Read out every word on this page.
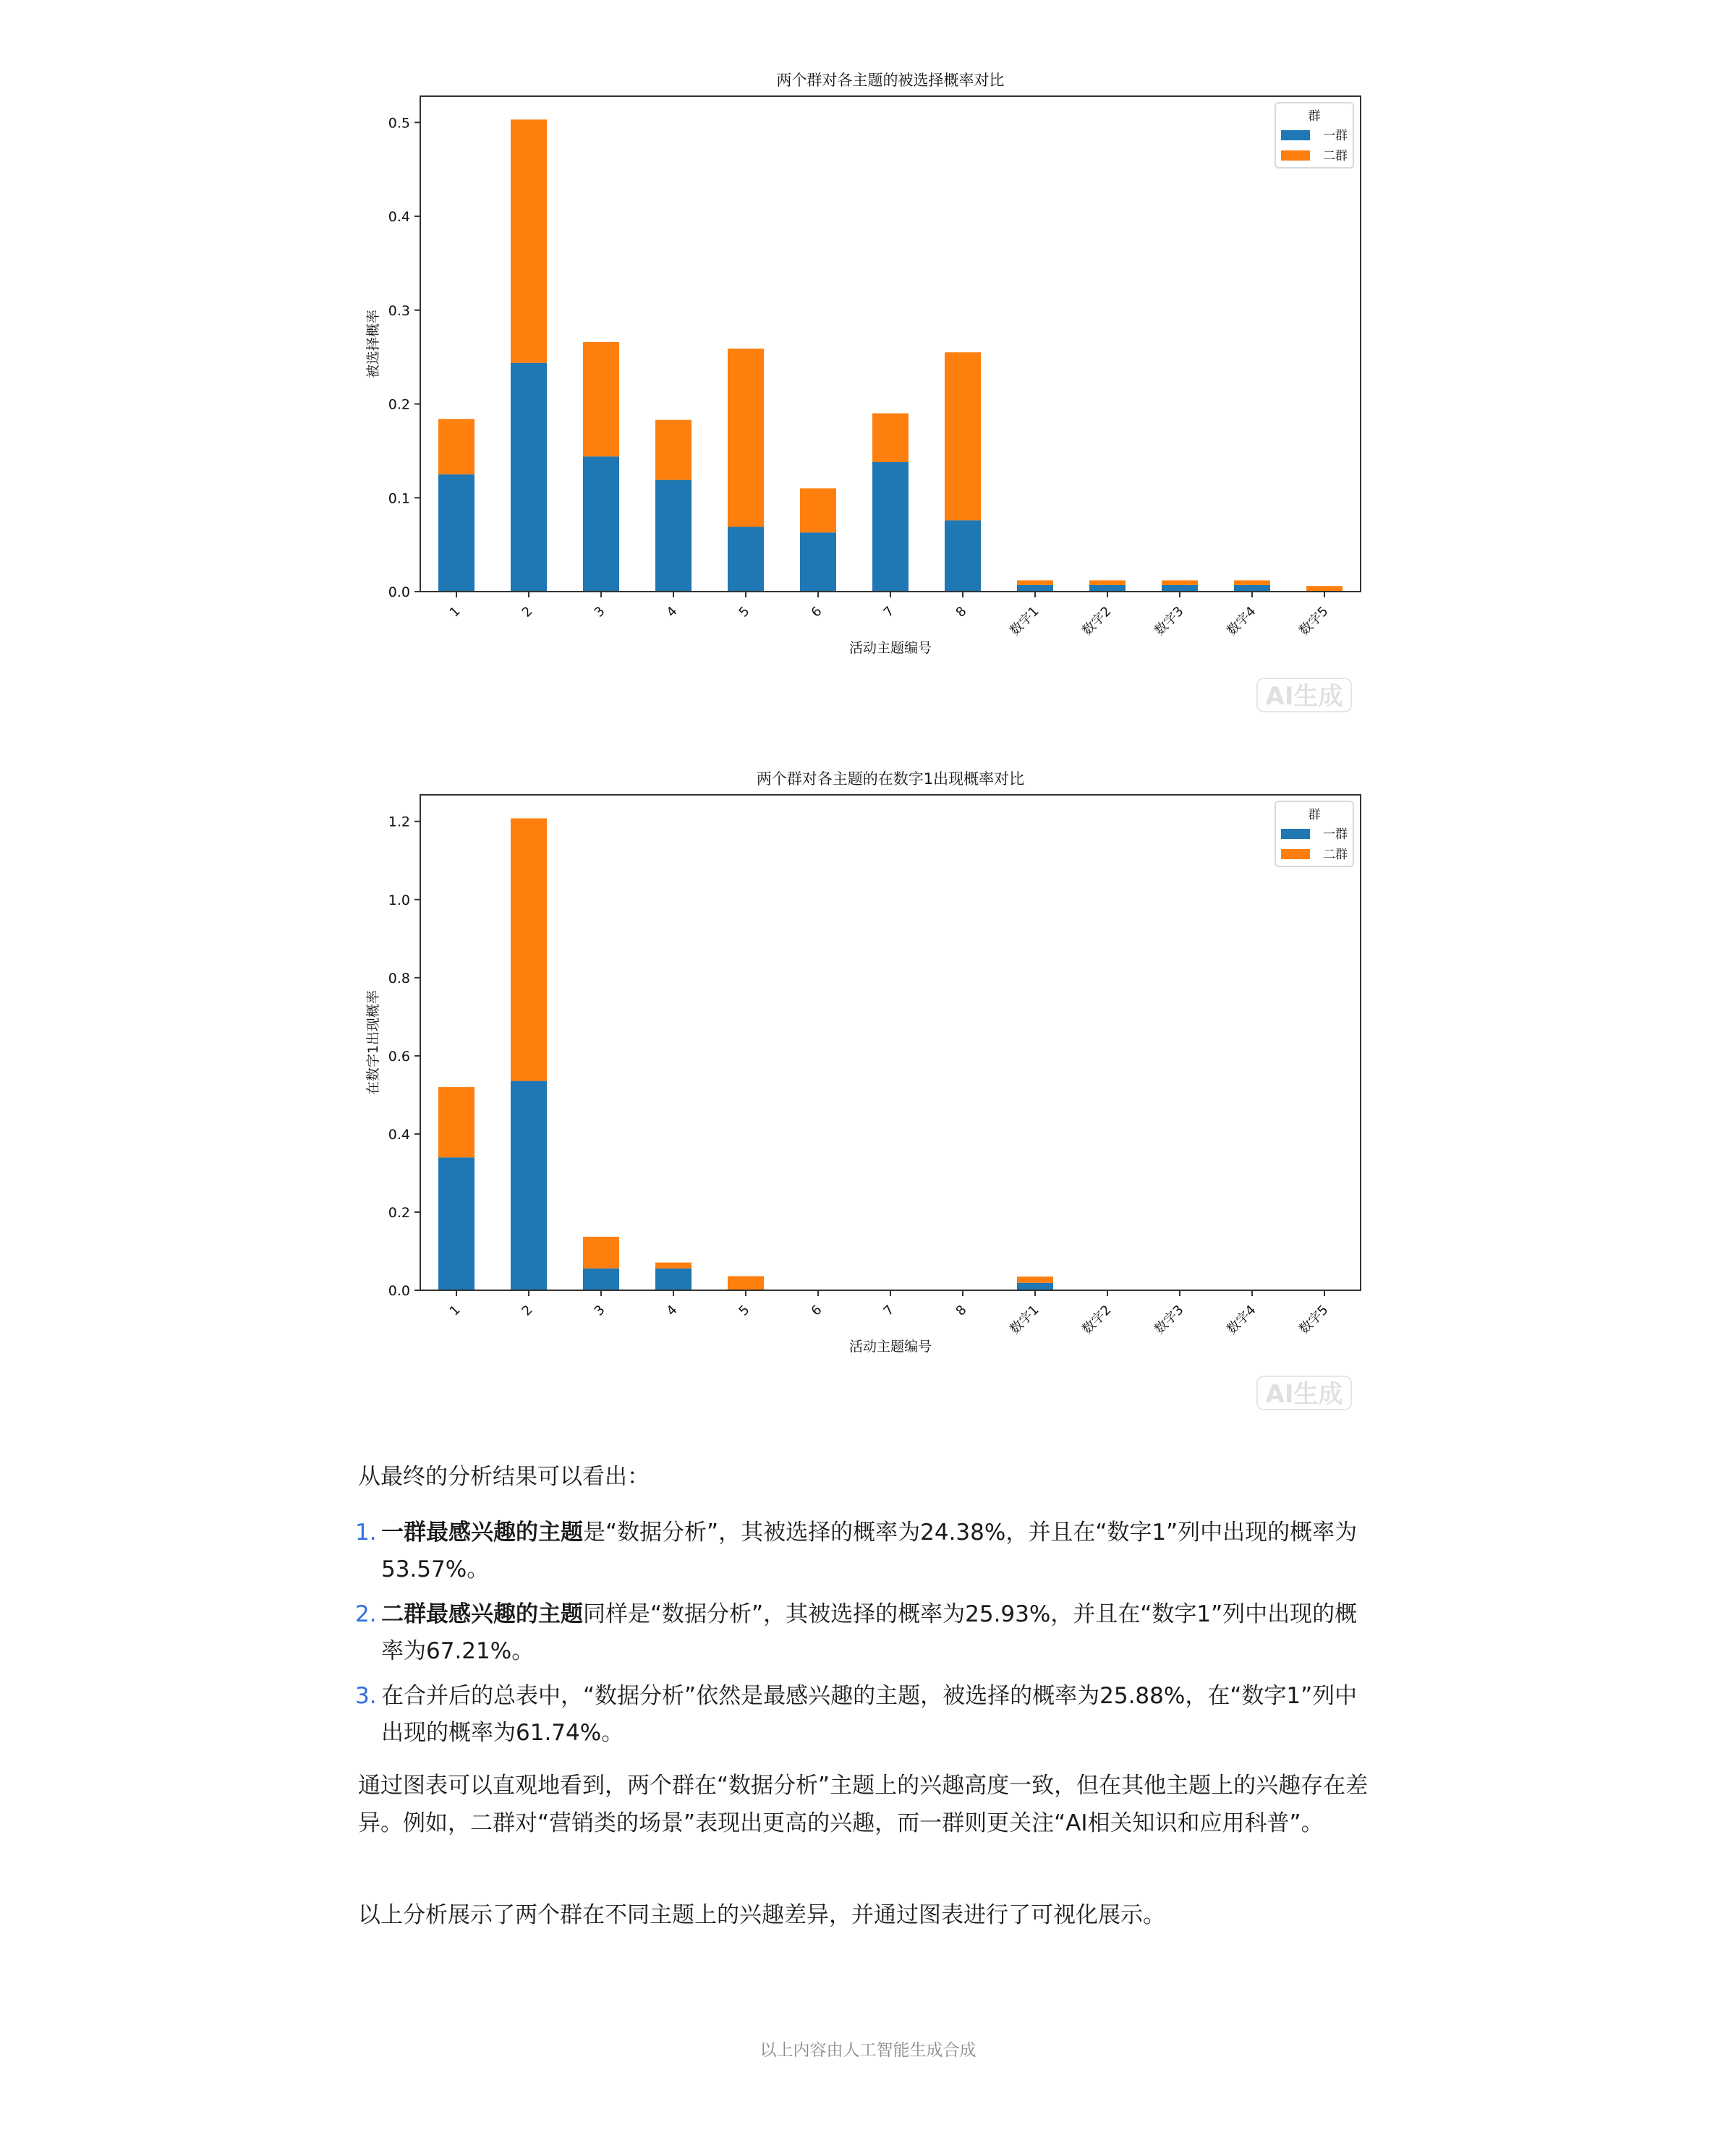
两个群对各主题的被选择概率对比
0.0
0.1
0.2
0.3
0.4
0.5
1	2	3	4	5	6	7	8	数字1	数字2	数字3	数字4	数字5
活动主题编号
被选择概率
群
一群
二群
AI生成
两个群对各主题的在数字1出现概率对比
0.0
0.2
0.4
0.6
0.8
1.0
1.2
1	2	3	4	5	6	7	8	数字1	数字2	数字3	数字4	数字5
活动主题编号
在数字1出现概率
群
一群
二群
AI生成
从最终的分析结果可以看出：
1. 一群最感兴趣的主题是“数据分析”，其被选择的概率为24.38%，并且在“数字1”列中出现的概率为53.57%。
2. 二群最感兴趣的主题同样是“数据分析”，其被选择的概率为25.93%，并且在“数字1”列中出现的概率为67.21%。
3. 在合并后的总表中，“数据分析”依然是最感兴趣的主题，被选择的概率为25.88%，在“数字1”列中出现的概率为61.74%。
通过图表可以直观地看到，两个群在“数据分析”主题上的兴趣高度一致，但在其他主题上的兴趣存在差异。例如，二群对“营销类的场景”表现出更高的兴趣，而一群则更关注“AI相关知识和应用科普”。
以上分析展示了两个群在不同主题上的兴趣差异，并通过图表进行了可视化展示。
以上内容由人工智能生成合成
